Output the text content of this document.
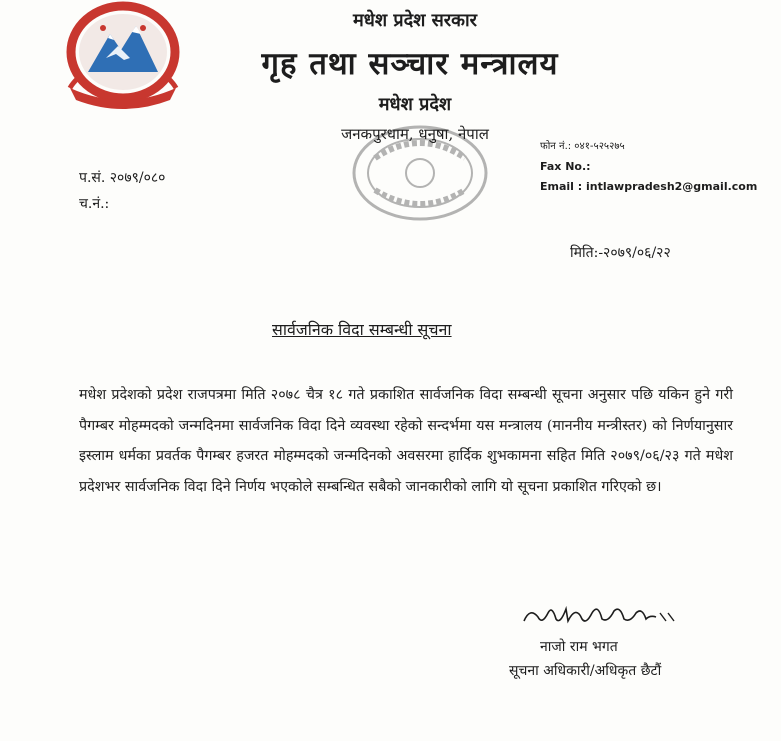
मधेश प्रदेश सरकार
गृह तथा सञ्चार मन्त्रालय
मधेश प्रदेश
जनकपुरधाम, धनुषा, नेपाल
फोन नं.: ०४१-५२५२७५
Fax No.:
Email : intlawpradesh2@gmail.com
प.सं. २०७९/०८०
च.नं.:
मिति:-२०७९/०६/२२
सार्वजनिक विदा सम्बन्धी सूचना

मधेश प्रदेशको प्रदेश राजपत्रमा मिति २०७८ चैत्र १८ गते प्रकाशित सार्वजनिक विदा सम्बन्धी सूचना अनुसार पछि यकिन हुने गरी पैगम्बर मोहम्मदको जन्मदिनमा सार्वजनिक विदा दिने व्यवस्था रहेको सन्दर्भमा यस मन्त्रालय (माननीय मन्त्रीस्तर) को निर्णयानुसार इस्लाम धर्मका प्रवर्तक पैगम्बर हजरत मोहम्मदको जन्मदिनको अवसरमा हार्दिक शुभकामना सहित मिति २०७९/०६/२३ गते मधेश प्रदेशभर सार्वजनिक विदा दिने निर्णय भएकोले सम्बन्धित सबैको जानकारीको लागि यो सूचना प्रकाशित गरिएको छ।

नाजो राम भगत
सूचना अधिकारी/अधिकृत छैटौं
